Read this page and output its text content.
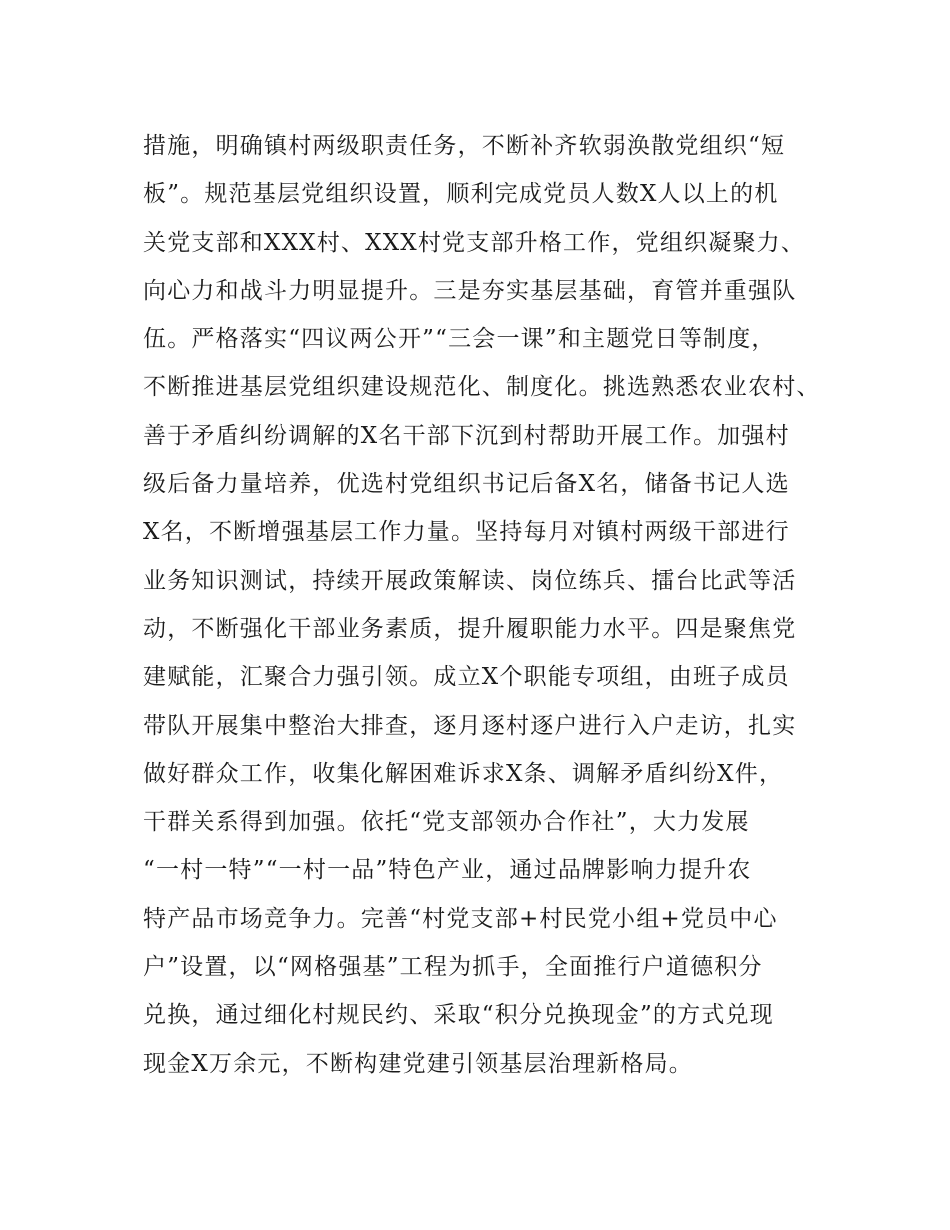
措施，明确镇村两级职责任务，不断补齐软弱涣散党组织“短
板”。规范基层党组织设置，顺利完成党员人数X人以上的机
关党支部和XXX村、XXX村党支部升格工作，党组织凝聚力、
向心力和战斗力明显提升。三是夯实基层基础，育管并重强队
伍。严格落实“四议两公开”“三会一课”和主题党日等制度，
不断推进基层党组织建设规范化、制度化。挑选熟悉农业农村、
善于矛盾纠纷调解的X名干部下沉到村帮助开展工作。加强村
级后备力量培养，优选村党组织书记后备X名，储备书记人选
X名，不断增强基层工作力量。坚持每月对镇村两级干部进行
业务知识测试，持续开展政策解读、岗位练兵、擂台比武等活
动，不断强化干部业务素质，提升履职能力水平。四是聚焦党
建赋能，汇聚合力强引领。成立X个职能专项组，由班子成员
带队开展集中整治大排查，逐月逐村逐户进行入户走访，扎实
做好群众工作，收集化解困难诉求X条、调解矛盾纠纷X件，
干群关系得到加强。依托“党支部领办合作社”，大力发展
“一村一特”“一村一品”特色产业，通过品牌影响力提升农
特产品市场竞争力。完善“村党支部+村民党小组+党员中心
户”设置，以“网格强基”工程为抓手，全面推行户道德积分
兑换，通过细化村规民约、采取“积分兑换现金”的方式兑现
现金X万余元，不断构建党建引领基层治理新格局。
